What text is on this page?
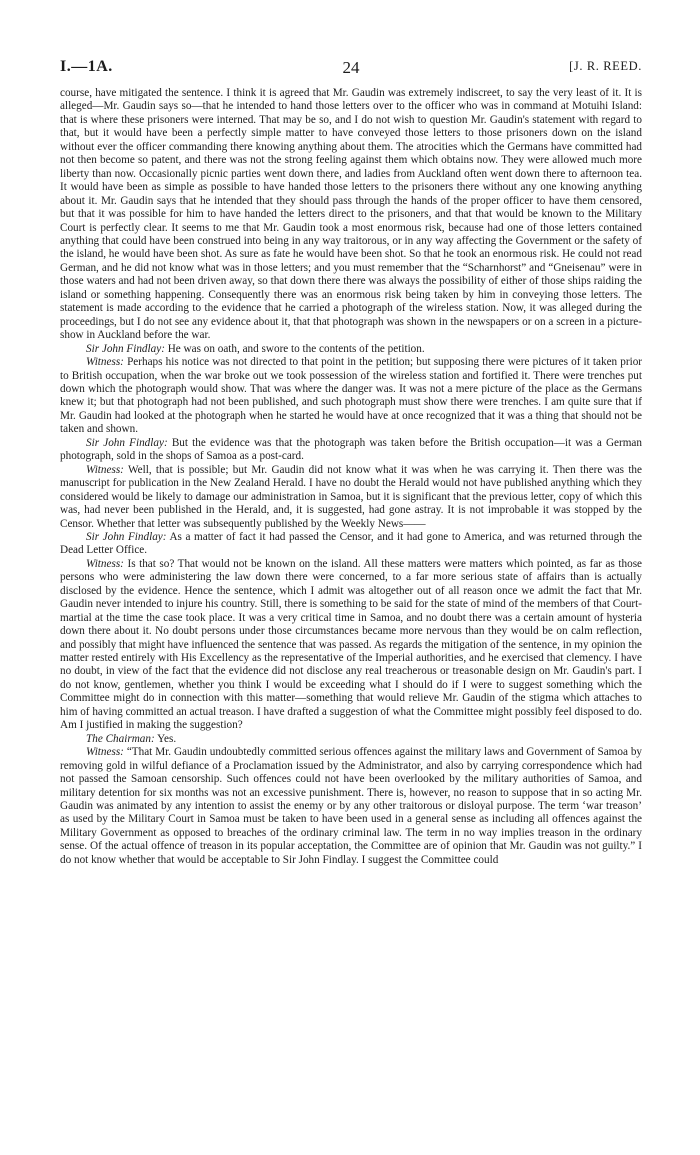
I.—1A.	24	[J. R. REED.

course, have mitigated the sentence. I think it is agreed that Mr. Gaudin was extremely indiscreet, to say the very least of it. It is alleged—Mr. Gaudin says so—that he intended to hand those letters over to the officer who was in command at Motuihi Island: that is where these prisoners were interned. That may be so, and I do not wish to question Mr. Gaudin's statement with regard to that, but it would have been a perfectly simple matter to have conveyed those letters to those prisoners down on the island without ever the officer commanding there knowing anything about them. The atrocities which the Germans have committed had not then become so patent, and there was not the strong feeling against them which obtains now. They were allowed much more liberty than now. Occasionally picnic parties went down there, and ladies from Auckland often went down there to afternoon tea. It would have been as simple as possible to have handed those letters to the prisoners there without any one knowing anything about it. Mr. Gaudin says that he intended that they should pass through the hands of the proper officer to have them censored, but that it was possible for him to have handed the letters direct to the prisoners, and that that would be known to the Military Court is perfectly clear. It seems to me that Mr. Gaudin took a most enormous risk, because had one of those letters contained anything that could have been construed into being in any way traitorous, or in any way affecting the Government or the safety of the island, he would have been shot. As sure as fate he would have been shot. So that he took an enormous risk. He could not read German, and he did not know what was in those letters; and you must remember that the “Scharnhorst” and “Gneisenau” were in those waters and had not been driven away, so that down there there was always the possibility of either of those ships raiding the island or something happening. Consequently there was an enormous risk being taken by him in conveying those letters. The statement is made according to the evidence that he carried a photograph of the wireless station. Now, it was alleged during the proceedings, but I do not see any evidence about it, that that photograph was shown in the newspapers or on a screen in a picture-show in Auckland before the war.

Sir John Findlay: He was on oath, and swore to the contents of the petition.

Witness: Perhaps his notice was not directed to that point in the petition; but supposing there were pictures of it taken prior to British occupation, when the war broke out we took possession of the wireless station and fortified it. There were trenches put down which the photograph would show. That was where the danger was. It was not a mere picture of the place as the Germans knew it; but that photograph had not been published, and such photograph must show there were trenches. I am quite sure that if Mr. Gaudin had looked at the photograph when he started he would have at once recognized that it was a thing that should not be taken and shown.

Sir John Findlay: But the evidence was that the photograph was taken before the British occupation—it was a German photograph, sold in the shops of Samoa as a post-card.

Witness: Well, that is possible; but Mr. Gaudin did not know what it was when he was carrying it. Then there was the manuscript for publication in the New Zealand Herald. I have no doubt the Herald would not have published anything which they considered would be likely to damage our administration in Samoa, but it is significant that the previous letter, copy of which this was, had never been published in the Herald, and, it is suggested, had gone astray. It is not improbable it was stopped by the Censor. Whether that letter was subsequently published by the Weekly News——

Sir John Findlay: As a matter of fact it had passed the Censor, and it had gone to America, and was returned through the Dead Letter Office.

Witness: Is that so? That would not be known on the island. All these matters were matters which pointed, as far as those persons who were administering the law down there were concerned, to a far more serious state of affairs than is actually disclosed by the evidence. Hence the sentence, which I admit was altogether out of all reason once we admit the fact that Mr. Gaudin never intended to injure his country. Still, there is something to be said for the state of mind of the members of that Court-martial at the time the case took place. It was a very critical time in Samoa, and no doubt there was a certain amount of hysteria down there about it. No doubt persons under those circumstances became more nervous than they would be on calm reflection, and possibly that might have influenced the sentence that was passed. As regards the mitigation of the sentence, in my opinion the matter rested entirely with His Excellency as the representative of the Imperial authorities, and he exercised that clemency. I have no doubt, in view of the fact that the evidence did not disclose any real treacherous or treasonable design on Mr. Gaudin's part. I do not know, gentlemen, whether you think I would be exceeding what I should do if I were to suggest something which the Committee might do in connection with this matter—something that would relieve Mr. Gaudin of the stigma which attaches to him of having committed an actual treason. I have drafted a suggestion of what the Committee might possibly feel disposed to do. Am I justified in making the suggestion?

The Chairman: Yes.

Witness: “That Mr. Gaudin undoubtedly committed serious offences against the military laws and Government of Samoa by removing gold in wilful defiance of a Proclamation issued by the Administrator, and also by carrying correspondence which had not passed the Samoan censorship. Such offences could not have been overlooked by the military authorities of Samoa, and military detention for six months was not an excessive punishment. There is, however, no reason to suppose that in so acting Mr. Gaudin was animated by any intention to assist the enemy or by any other traitorous or disloyal purpose. The term ‘war treason’ as used by the Military Court in Samoa must be taken to have been used in a general sense as including all offences against the Military Government as opposed to breaches of the ordinary criminal law. The term in no way implies treason in the ordinary sense. Of the actual offence of treason in its popular acceptation, the Committee are of opinion that Mr. Gaudin was not guilty.” I do not know whether that would be acceptable to Sir John Findlay. I suggest the Committee could
